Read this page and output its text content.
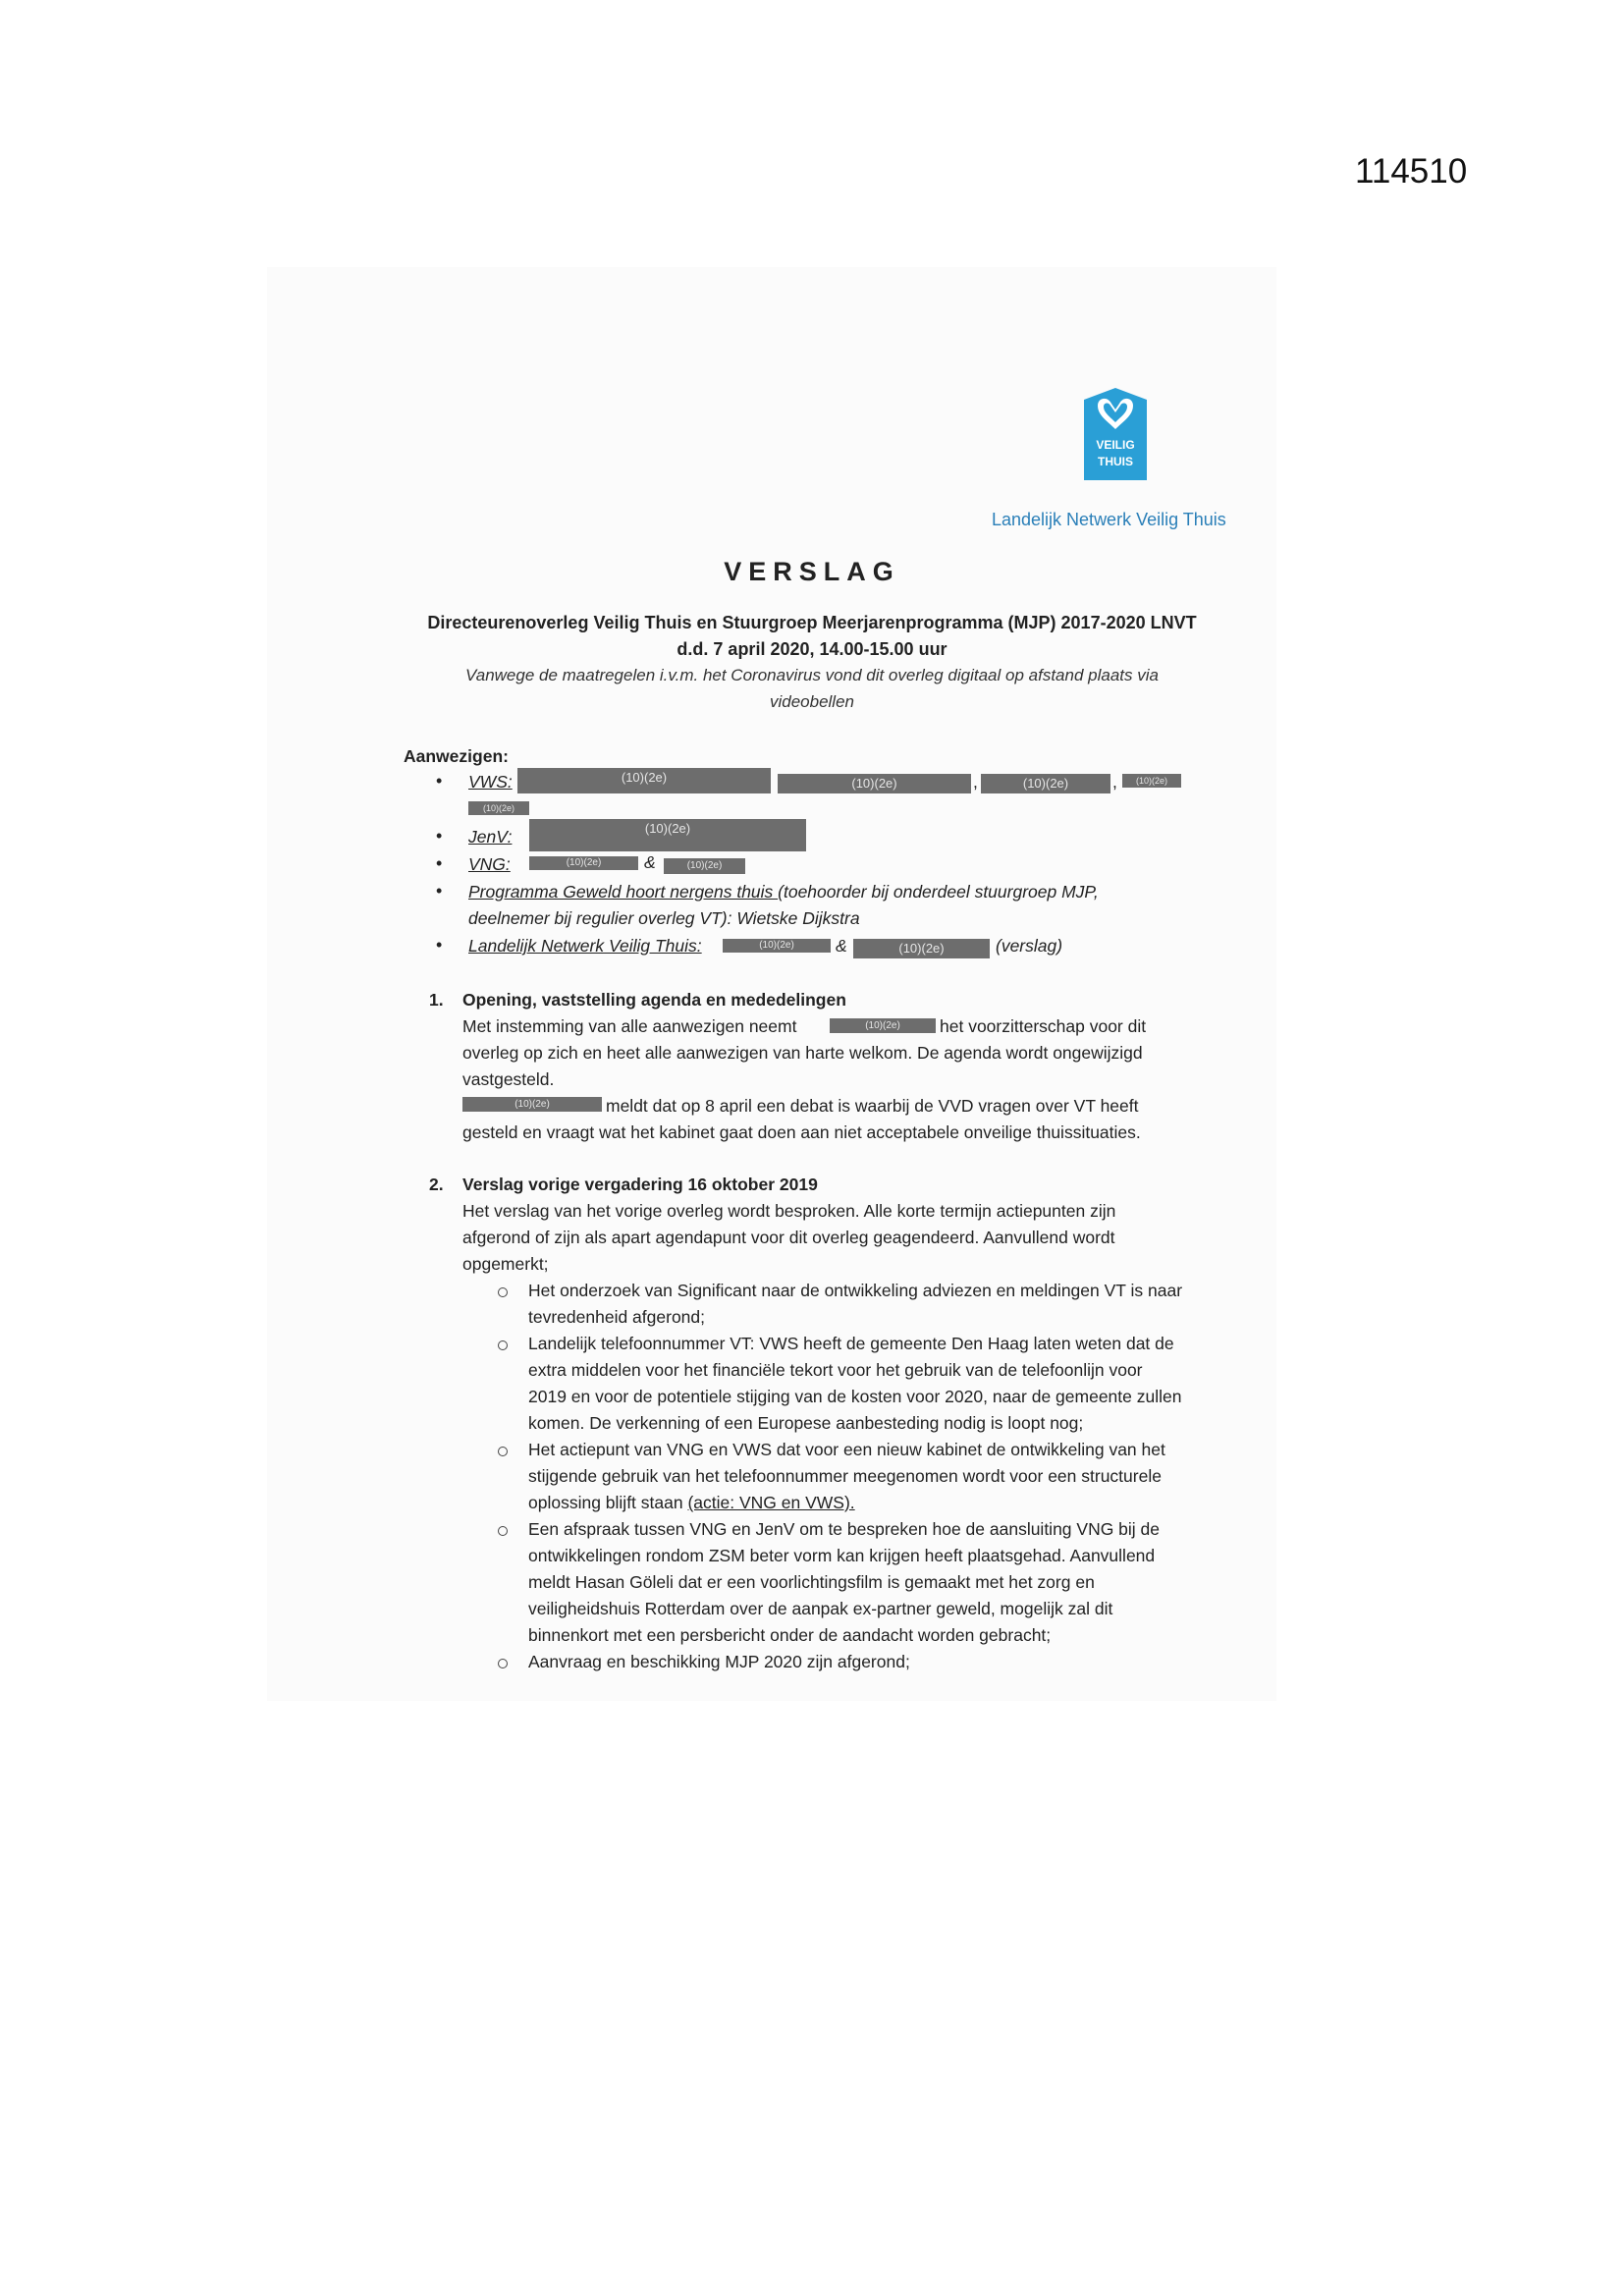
114510
VEILIG
THUIS
Landelijk Netwerk Veilig Thuis
VERSLAG
Directeurenoverleg Veilig Thuis en Stuurgroep Meerjarenprogramma (MJP) 2017-2020 LNVT
d.d. 7 april 2020, 14.00-15.00 uur
Vanwege de maatregelen i.v.m. het Coronavirus vond dit overleg digitaal op afstand plaats via
videobellen
Aanwezigen:
• VWS:	(10)(2e)	(10)(2e)	,	(10)(2e)	,	(10)(2e)
(10)(2e)
• JenV:	(10)(2e)
• VNG:	(10)(2e)	&	(10)(2e)
• Programma Geweld hoort nergens thuis (toehoorder bij onderdeel stuurgroep MJP,
deelnemer bij regulier overleg VT): Wietske Dijkstra
• Landelijk Netwerk Veilig Thuis:	(10)(2e)	&	(10)(2e)	(verslag)
1. Opening, vaststelling agenda en mededelingen
Met instemming van alle aanwezigen neemt	(10)(2e)	het voorzitterschap voor dit
overleg op zich en heet alle aanwezigen van harte welkom. De agenda wordt ongewijzigd
vastgesteld.
(10)(2e)	meldt dat op 8 april een debat is waarbij de VVD vragen over VT heeft
gesteld en vraagt wat het kabinet gaat doen aan niet acceptabele onveilige thuissituaties.
2. Verslag vorige vergadering 16 oktober 2019
Het verslag van het vorige overleg wordt besproken. Alle korte termijn actiepunten zijn
afgerond of zijn als apart agendapunt voor dit overleg geagendeerd. Aanvullend wordt
opgemerkt;
Het onderzoek van Significant naar de ontwikkeling adviezen en meldingen VT is naar
tevredenheid afgerond;
Landelijk telefoonnummer VT: VWS heeft de gemeente Den Haag laten weten dat de
extra middelen voor het financiële tekort voor het gebruik van de telefoonlijn voor
2019 en voor de potentiele stijging van de kosten voor 2020, naar de gemeente zullen
komen. De verkenning of een Europese aanbesteding nodig is loopt nog;
Het actiepunt van VNG en VWS dat voor een nieuw kabinet de ontwikkeling van het
stijgende gebruik van het telefoonnummer meegenomen wordt voor een structurele
oplossing blijft staan (actie: VNG en VWS).
Een afspraak tussen VNG en JenV om te bespreken hoe de aansluiting VNG bij de
ontwikkelingen rondom ZSM beter vorm kan krijgen heeft plaatsgehad. Aanvullend
meldt Hasan Göleli dat er een voorlichtingsfilm is gemaakt met het zorg en
veiligheidshuis Rotterdam over de aanpak ex-partner geweld, mogelijk zal dit
binnenkort met een persbericht onder de aandacht worden gebracht;
Aanvraag en beschikking MJP 2020 zijn afgerond;
